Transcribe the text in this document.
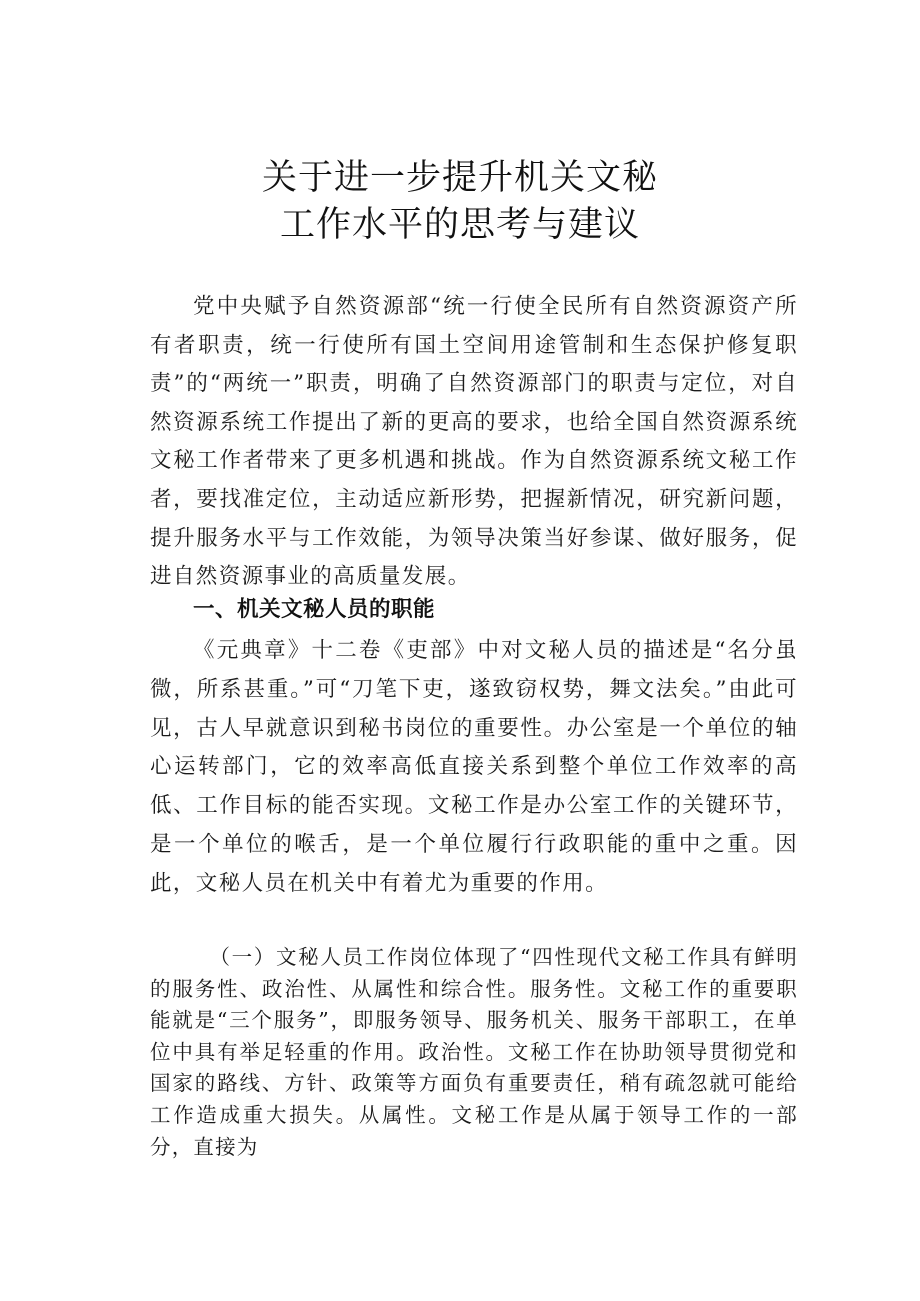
关于进一步提升机关文秘
工作水平的思考与建议

党中央赋予自然资源部“统一行使全民所有自然资源资产所有者职责，统一行使所有国土空间用途管制和生态保护修复职责”的“两统一”职责，明确了自然资源部门的职责与定位，对自然资源系统工作提出了新的更高的要求，也给全国自然资源系统文秘工作者带来了更多机遇和挑战。作为自然资源系统文秘工作者，要找准定位，主动适应新形势，把握新情况，研究新问题，提升服务水平与工作效能，为领导决策当好参谋、做好服务，促进自然资源事业的高质量发展。

一、机关文秘人员的职能

《元典章》十二卷《吏部》中对文秘人员的描述是“名分虽微，所系甚重。”可“刀笔下吏，遂致窃权势，舞文法矣。”由此可见，古人早就意识到秘书岗位的重要性。办公室是一个单位的轴心运转部门，它的效率高低直接关系到整个单位工作效率的高低、工作目标的能否实现。文秘工作是办公室工作的关键环节，是一个单位的喉舌，是一个单位履行行政职能的重中之重。因此，文秘人员在机关中有着尤为重要的作用。

（一）文秘人员工作岗位体现了“四性现代文秘工作具有鲜明的服务性、政治性、从属性和综合性。服务性。文秘工作的重要职能就是“三个服务”，即服务领导、服务机关、服务干部职工，在单位中具有举足轻重的作用。政治性。文秘工作在协助领导贯彻党和国家的路线、方针、政策等方面负有重要责任，稍有疏忽就可能给工作造成重大损失。从属性。文秘工作是从属于领导工作的一部分，直接为
